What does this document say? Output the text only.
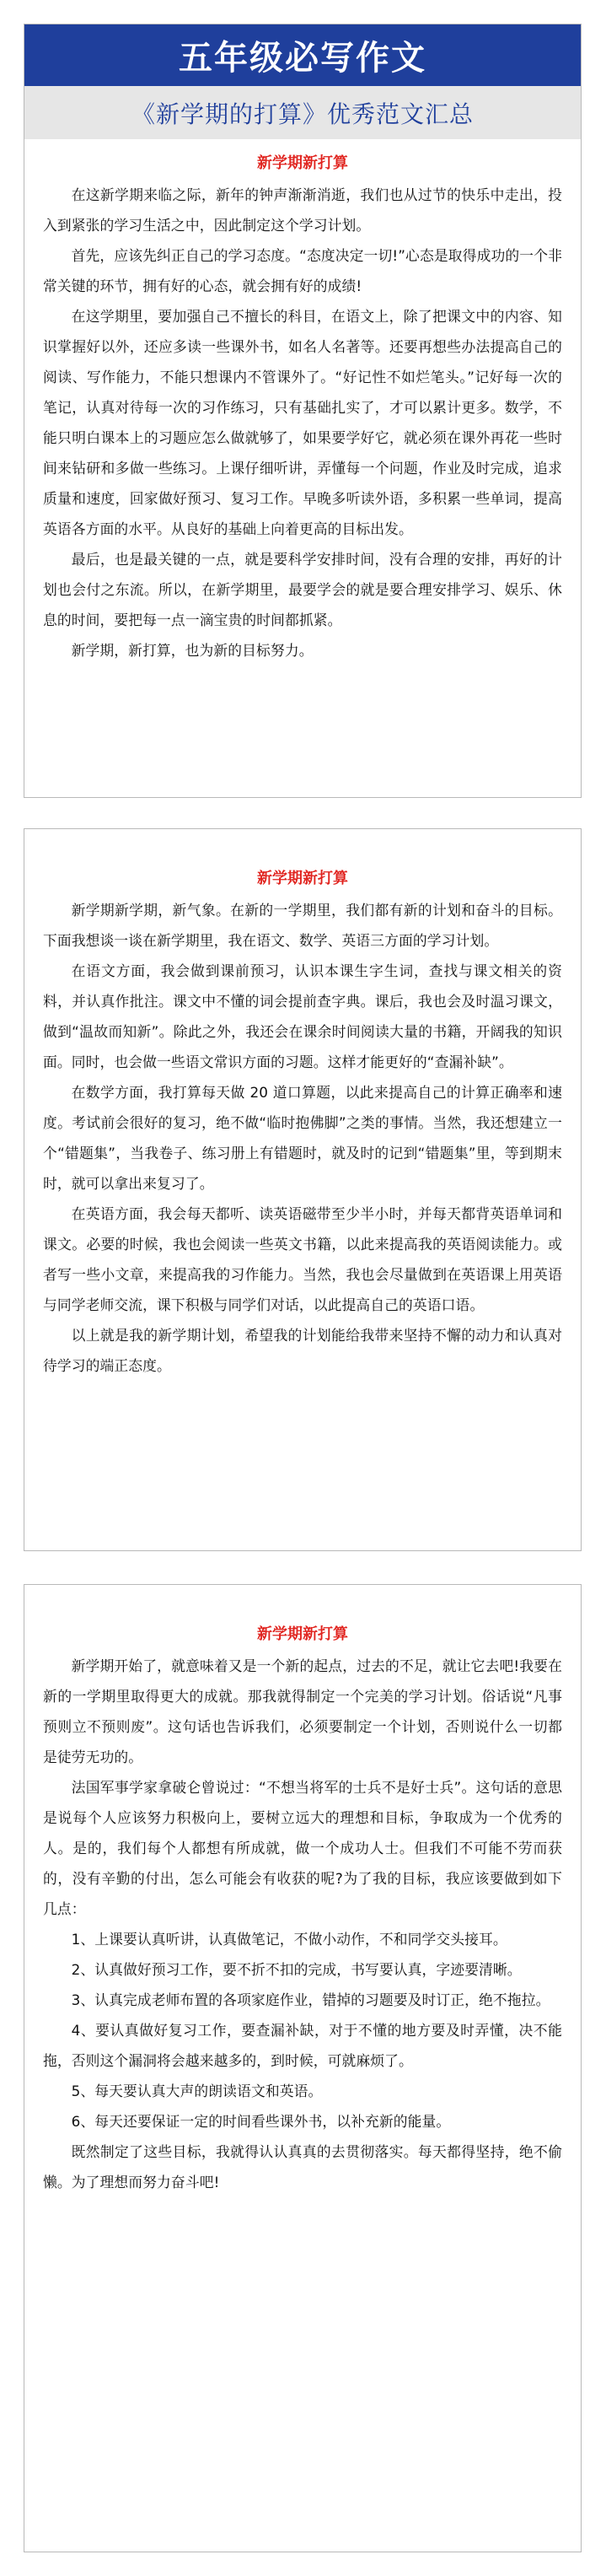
五年级必写作文
《新学期的打算》优秀范文汇总
新学期新打算

在这新学期来临之际，新年的钟声渐渐消逝，我们也从过节的快乐中走出，投入到紧张的学习生活之中，因此制定这个学习计划。

首先，应该先纠正自己的学习态度。“态度决定一切!”心态是取得成功的一个非常关键的环节，拥有好的心态，就会拥有好的成绩!

在这学期里，要加强自己不擅长的科目，在语文上，除了把课文中的内容、知识掌握好以外，还应多读一些课外书，如名人名著等。还要再想些办法提高自己的阅读、写作能力，不能只想课内不管课外了。“好记性不如烂笔头。”记好每一次的笔记，认真对待每一次的习作练习，只有基础扎实了，才可以累计更多。数学，不能只明白课本上的习题应怎么做就够了，如果要学好它，就必须在课外再花一些时间来钻研和多做一些练习。上课仔细听讲，弄懂每一个问题，作业及时完成，追求质量和速度，回家做好预习、复习工作。早晚多听读外语，多积累一些单词，提高英语各方面的水平。从良好的基础上向着更高的目标出发。

最后，也是最关键的一点，就是要科学安排时间，没有合理的安排，再好的计划也会付之东流。所以，在新学期里，最要学会的就是要合理安排学习、娱乐、休息的时间，要把每一点一滴宝贵的时间都抓紧。

新学期，新打算，也为新的目标努力。

新学期新打算

新学期新学期，新气象。在新的一学期里，我们都有新的计划和奋斗的目标。下面我想谈一谈在新学期里，我在语文、数学、英语三方面的学习计划。

在语文方面，我会做到课前预习，认识本课生字生词，查找与课文相关的资料，并认真作批注。课文中不懂的词会提前查字典。课后，我也会及时温习课文，做到“温故而知新”。除此之外，我还会在课余时间阅读大量的书籍，开阔我的知识面。同时，也会做一些语文常识方面的习题。这样才能更好的“查漏补缺”。

在数学方面，我打算每天做 20 道口算题，以此来提高自己的计算正确率和速度。考试前会很好的复习，绝不做“临时抱佛脚”之类的事情。当然，我还想建立一个“错题集”，当我卷子、练习册上有错题时，就及时的记到“错题集”里，等到期末时，就可以拿出来复习了。

在英语方面，我会每天都听、读英语磁带至少半小时，并每天都背英语单词和课文。必要的时候，我也会阅读一些英文书籍，以此来提高我的英语阅读能力。或者写一些小文章，来提高我的习作能力。当然，我也会尽量做到在英语课上用英语与同学老师交流，课下积极与同学们对话，以此提高自己的英语口语。

以上就是我的新学期计划，希望我的计划能给我带来坚持不懈的动力和认真对待学习的端正态度。

新学期新打算

新学期开始了，就意味着又是一个新的起点，过去的不足，就让它去吧!我要在新的一学期里取得更大的成就。那我就得制定一个完美的学习计划。俗话说“凡事预则立不预则废”。这句话也告诉我们，必须要制定一个计划，否则说什么一切都是徒劳无功的。

法国军事学家拿破仑曾说过：“不想当将军的士兵不是好士兵”。这句话的意思是说每个人应该努力积极向上，要树立远大的理想和目标，争取成为一个优秀的人。是的，我们每个人都想有所成就，做一个成功人士。但我们不可能不劳而获的，没有辛勤的付出，怎么可能会有收获的呢?为了我的目标，我应该要做到如下几点：

1、上课要认真听讲，认真做笔记，不做小动作，不和同学交头接耳。

2、认真做好预习工作，要不折不扣的完成，书写要认真，字迹要清晰。

3、认真完成老师布置的各项家庭作业，错掉的习题要及时订正，绝不拖拉。

4、要认真做好复习工作，要查漏补缺，对于不懂的地方要及时弄懂，决不能拖，否则这个漏洞将会越来越多的，到时候，可就麻烦了。

5、每天要认真大声的朗读语文和英语。

6、每天还要保证一定的时间看些课外书，以补充新的能量。

既然制定了这些目标，我就得认认真真的去贯彻落实。每天都得坚持，绝不偷懒。为了理想而努力奋斗吧!
